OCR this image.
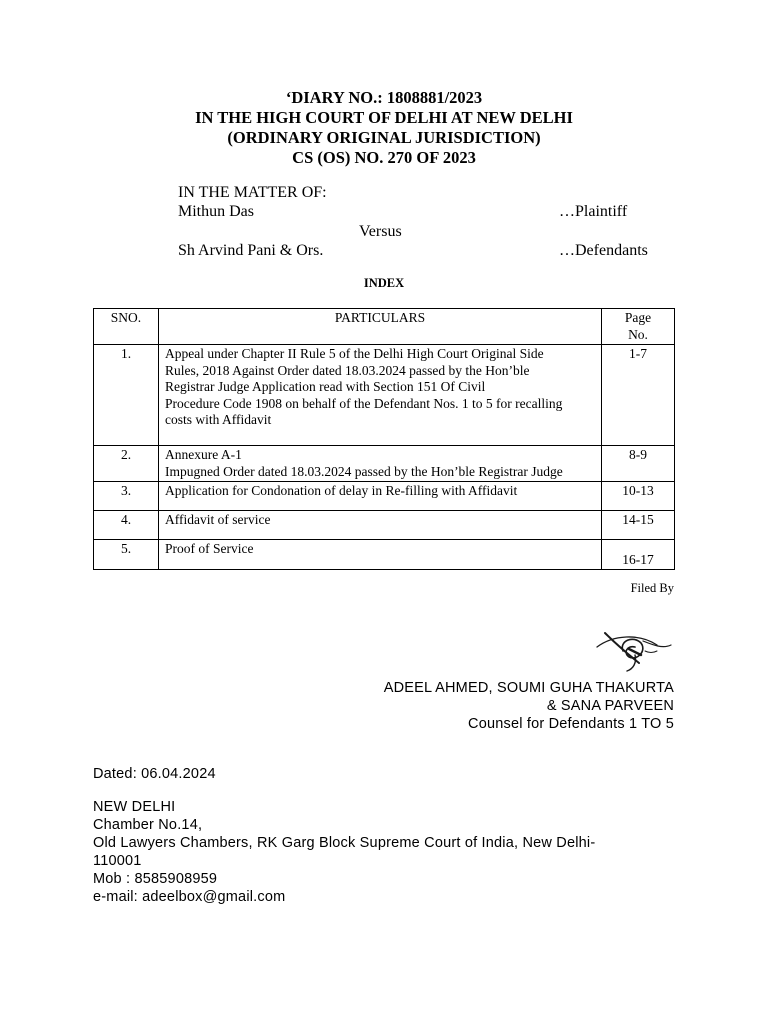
‘DIARY NO.: 1808881/2023
IN THE HIGH COURT OF DELHI AT NEW DELHI
(ORDINARY ORIGINAL JURISDICTION)
CS (OS) NO. 270 OF 2023
IN THE MATTER OF:
Mithun Das	…Plaintiff
Versus
Sh Arvind Pani & Ors.	…Defendants
INDEX
SNO.	PARTICULARS	Page
No.

1.	Appeal under Chapter II Rule 5 of the Delhi High Court Original Side
Rules, 2018 Against Order dated 18.03.2024 passed by the Hon’ble
Registrar Judge Application read with Section 151 Of Civil
Procedure Code 1908 on behalf of the Defendant Nos. 1 to 5 for recalling
costs with Affidavit	1-7
2.	Annexure A-1
Impugned Order dated 18.03.2024 passed by the Hon’ble Registrar Judge	8-9
3.	Application for Condonation of delay in Re-filling with Affidavit	10-13
4.	Affidavit of service	14-15
5.	Proof of Service	16-17
Filed By
ADEEL AHMED, SOUMI GUHA THAKURTA
& SANA PARVEEN
Counsel for Defendants 1 TO 5
Dated: 06.04.2024
NEW DELHI
Chamber No.14,
Old Lawyers Chambers, RK Garg Block Supreme Court of India, New Delhi-
110001
Mob : 8585908959
e-mail: adeelbox@gmail.com
